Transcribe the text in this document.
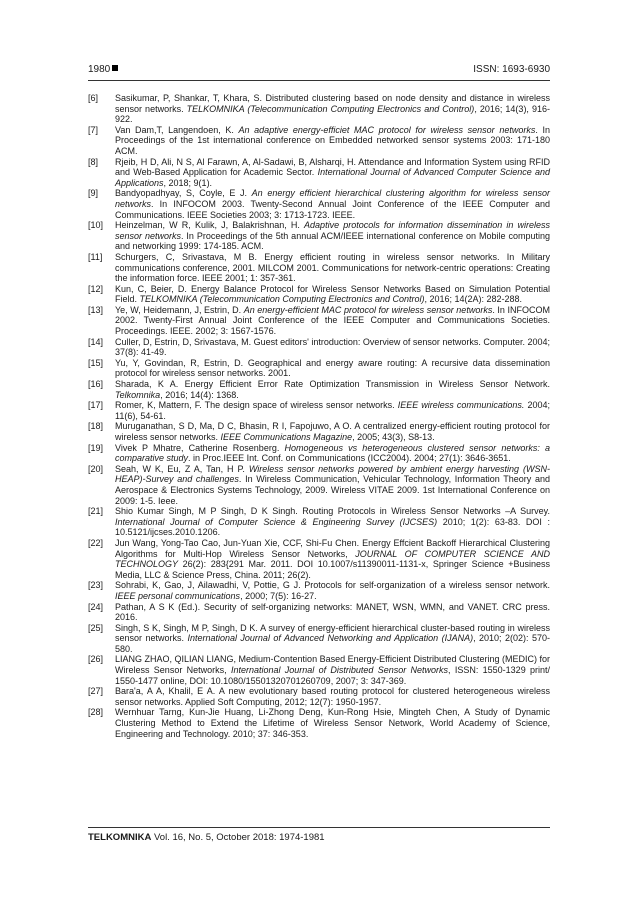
1980	ISSN: 1693-6930
[6] Sasikumar, P, Shankar, T, Khara, S. Distributed clustering based on node density and distance in wireless sensor networks. TELKOMNIKA (Telecommunication Computing Electronics and Control), 2016; 14(3), 916-922.
[7] Van Dam,T, Langendoen, K. An adaptive energy-efficiet MAC protocol for wireless sensor networks. In Proceedings of the 1st international conference on Embedded networked sensor systems 2003: 171-180 ACM.
[8] Rjeib, H D, Ali, N S, Al Farawn, A, Al-Sadawi, B, Alsharqi, H. Attendance and Information System using RFID and Web-Based Application for Academic Sector. International Journal of Advanced Computer Science and Applications, 2018; 9(1).
[9] Bandyopadhyay, S, Coyle, E J. An energy efficient hierarchical clustering algorithm for wireless sensor networks. In INFOCOM 2003. Twenty-Second Annual Joint Conference of the IEEE Computer and Communications. IEEE Societies 2003; 3: 1713-1723. IEEE.
[10] Heinzelman, W R, Kulik, J, Balakrishnan, H. Adaptive protocols for information dissemination in wireless sensor networks. In Proceedings of the 5th annual ACM/IEEE international conference on Mobile computing and networking 1999: 174-185. ACM.
[11] Schurgers, C, Srivastava, M B. Energy efficient routing in wireless sensor networks. In Military communications conference, 2001. MILCOM 2001. Communications for network-centric operations: Creating the information force. IEEE 2001; 1: 357-361.
[12] Kun, C, Beier, D. Energy Balance Protocol for Wireless Sensor Networks Based on Simulation Potential Field. TELKOMNIKA (Telecommunication Computing Electronics and Control), 2016; 14(2A): 282-288.
[13] Ye, W, Heidemann, J, Estrin, D. An energy-efficient MAC protocol for wireless sensor networks. In INFOCOM 2002. Twenty-First Annual Joint Conference of the IEEE Computer and Communications Societies. Proceedings. IEEE. 2002; 3: 1567-1576.
[14] Culler, D, Estrin, D, Srivastava, M. Guest editors' introduction: Overview of sensor networks. Computer. 2004; 37(8): 41-49.
[15] Yu, Y, Govindan, R, Estrin, D. Geographical and energy aware routing: A recursive data dissemination protocol for wireless sensor networks. 2001.
[16] Sharada, K A. Energy Efficient Error Rate Optimization Transmission in Wireless Sensor Network. Telkomnika, 2016; 14(4): 1368.
[17] Romer, K, Mattern, F. The design space of wireless sensor networks. IEEE wireless communications. 2004; 11(6), 54-61.
[18] Muruganathan, S D, Ma, D C, Bhasin, R I, Fapojuwo, A O. A centralized energy-efficient routing protocol for wireless sensor networks. IEEE Communications Magazine, 2005; 43(3), S8-13.
[19] Vivek P Mhatre, Catherine Rosenberg. Homogeneous vs heterogeneous clustered sensor networks: a comparative study. in Proc.IEEE Int. Conf. on Communications (ICC2004). 2004; 27(1): 3646-3651.
[20] Seah, W K, Eu, Z A, Tan, H P. Wireless sensor networks powered by ambient energy harvesting (WSN-HEAP)-Survey and challenges. In Wireless Communication, Vehicular Technology, Information Theory and Aerospace & Electronics Systems Technology, 2009. Wireless VITAE 2009. 1st International Conference on 2009: 1-5. Ieee.
[21] Shio Kumar Singh, M P Singh, D K Singh. Routing Protocols in Wireless Sensor Networks –A Survey. International Journal of Computer Science & Engineering Survey (IJCSES) 2010; 1(2): 63-83. DOI : 10.5121/ijcses.2010.1206.
[22] Jun Wang, Yong-Tao Cao, Jun-Yuan Xie, CCF, Shi-Fu Chen. Energy Effcient Backoff Hierarchical Clustering Algorithms for Multi-Hop Wireless Sensor Networks, JOURNAL OF COMPUTER SCIENCE AND TECHNOLOGY 26(2): 283{291 Mar. 2011. DOI 10.1007/s11390011-1131-x, Springer Science +Business Media, LLC & Science Press, China. 2011; 26(2).
[23] Sohrabi, K, Gao, J, Ailawadhi, V, Pottie, G J. Protocols for self-organization of a wireless sensor network. IEEE personal communications, 2000; 7(5): 16-27.
[24] Pathan, A S K (Ed.). Security of self-organizing networks: MANET, WSN, WMN, and VANET. CRC press. 2016.
[25] Singh, S K, Singh, M P, Singh, D K. A survey of energy-efficient hierarchical cluster-based routing in wireless sensor networks. International Journal of Advanced Networking and Application (IJANA), 2010; 2(02): 570-580.
[26] LIANG ZHAO, QILIAN LIANG, Medium-Contention Based Energy-Efficient Distributed Clustering (MEDIC) for Wireless Sensor Networks, International Journal of Distributed Sensor Networks, ISSN: 1550-1329 print/ 1550-1477 online, DOI: 10.1080/15501320701260709, 2007; 3: 347-369.
[27] Bara'a, A A, Khalil, E A. A new evolutionary based routing protocol for clustered heterogeneous wireless sensor networks. Applied Soft Computing, 2012; 12(7): 1950-1957.
[28] Wernhuar Tarng, Kun-Jie Huang, Li-Zhong Deng, Kun-Rong Hsie, Mingteh Chen, A Study of Dynamic Clustering Method to Extend the Lifetime of Wireless Sensor Network, World Academy of Science, Engineering and Technology. 2010; 37: 346-353.
TELKOMNIKA Vol. 16, No. 5, October 2018: 1974-1981
